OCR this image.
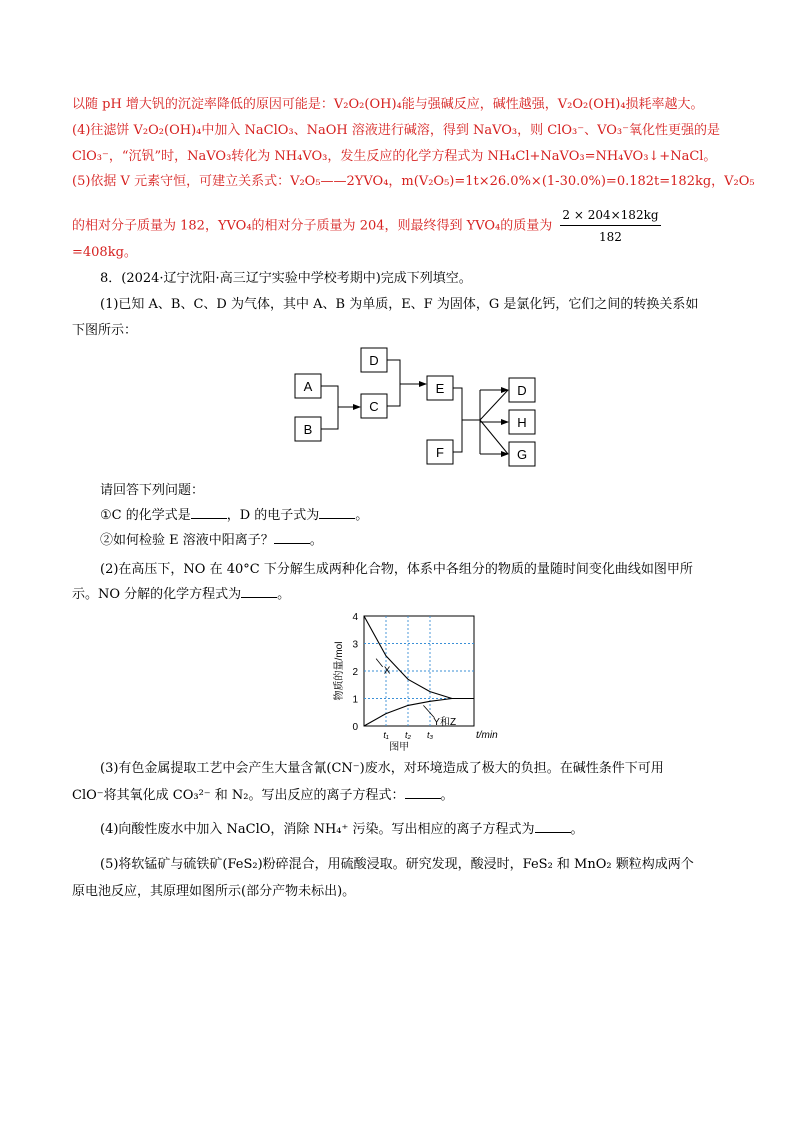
以随 pH 增大钒的沉淀率降低的原因可能是：V₂O₂(OH)₄能与强碱反应，碱性越强，V₂O₂(OH)₄损耗率越大。
(4)往滤饼 V₂O₂(OH)₄中加入 NaClO₃、NaOH 溶液进行碱溶，得到 NaVO₃，则 ClO₃⁻、VO₃⁻氧化性更强的是
ClO₃⁻，“沉钒”时，NaVO₃转化为 NH₄VO₃，发生反应的化学方程式为 NH₄Cl+NaVO₃=NH₄VO₃↓+NaCl。
(5)依据 V 元素守恒，可建立关系式：V₂O₅——2YVO₄，m(V₂O₅)=1t×26.0%×(1-30.0%)=0.182t=182kg，V₂O₅
的相对分子质量为 182，YVO₄的相对分子质量为 204，则最终得到 YVO₄的质量为 $\frac{2 \times 204\times 182kg}{182}$
=408kg。
8．(2024·辽宁沈阳·高三辽宁实验中学校考期中)完成下列填空。
(1)已知 A、B、C、D 为气体，其中 A、B 为单质，E、F 为固体，G 是氯化钙，它们之间的转换关系如
下图所示：
A
B
C
D
E
F
D
H
G
请回答下列问题：
①C 的化学式是	，D 的电子式为	。
②如何检验 E 溶液中阳离子？	。
(2)在高压下，NO 在 40°C 下分解生成两种化合物，体系中各组分的物质的量随时间变化曲线如图甲所
示。NO 分解的化学方程式为	。
0
1
2
3
4
t₁ t₂ t₃	t/min
图甲
物质的量/mol	X
Y和Z
(3)有色金属提取工艺中会产生大量含氰(CN⁻)废水，对环境造成了极大的负担。在碱性条件下可用
ClO⁻将其氧化成 CO₃²⁻ 和 N₂。写出反应的离子方程式：	。
(4)向酸性废水中加入 NaClO，消除 NH₄⁺ 污染。写出相应的离子方程式为	。
(5)将软锰矿与硫铁矿(FeS₂)粉碎混合，用硫酸浸取。研究发现，酸浸时，FeS₂ 和 MnO₂ 颗粒构成两个
原电池反应，其原理如图所示(部分产物未标出)。
